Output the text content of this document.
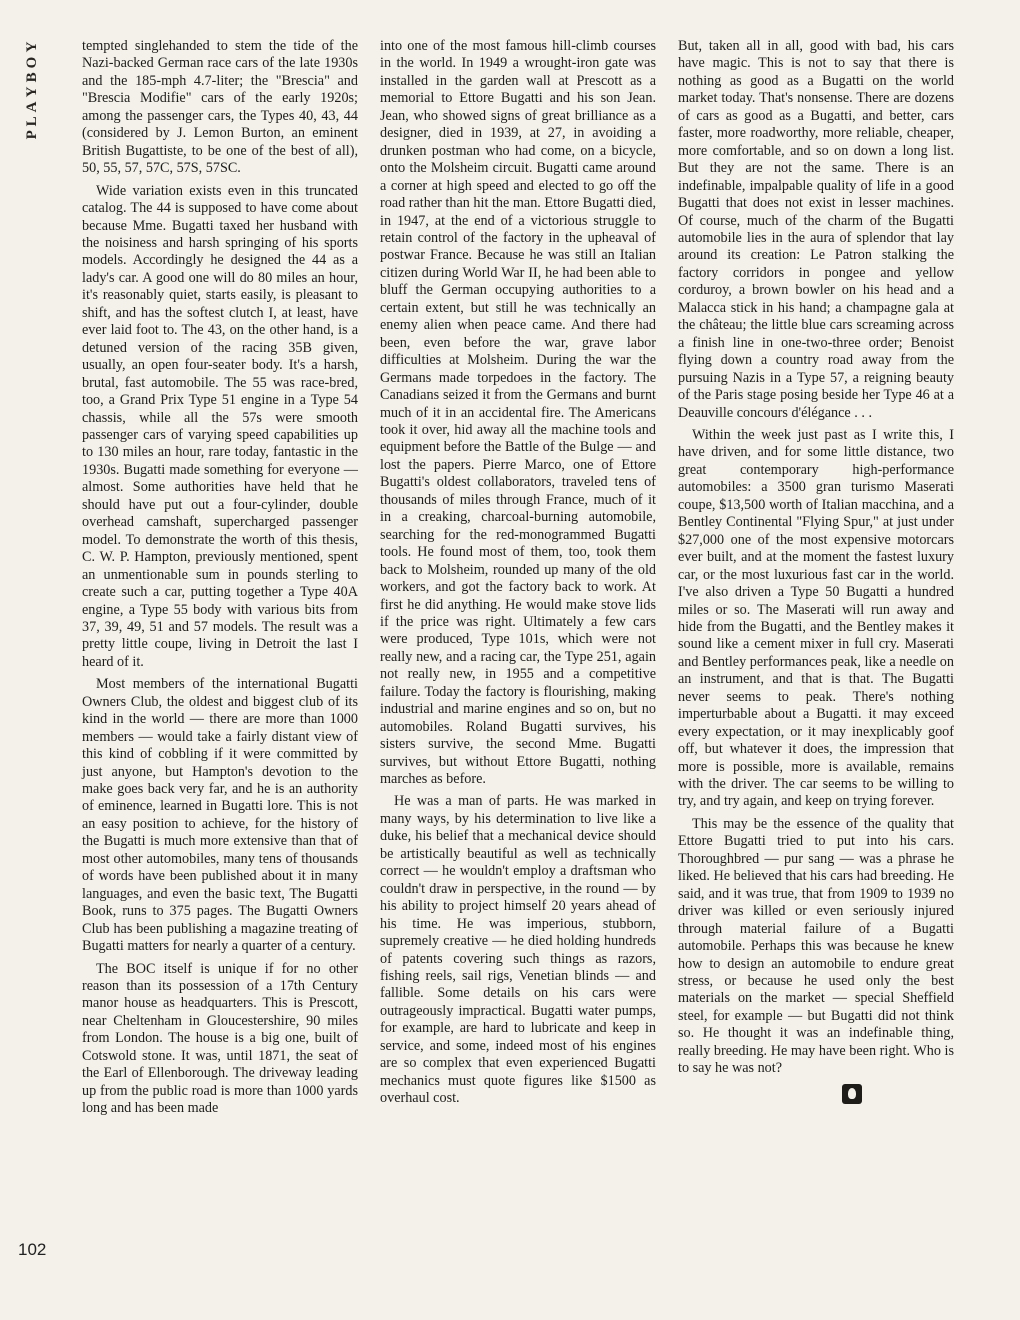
PLAYBOY	tempted singlehanded to stem the tide of the Nazi-backed German race cars of the late 1930s and the 185-mph 4.7-liter; the "Brescia" and "Brescia Modifie" cars of the early 1920s; among the passenger cars, the Types 40, 43, 44 (considered by J. Lemon Burton, an eminent British Bugattiste, to be one of the best of all), 50, 55, 57, 57C, 57S, 57SC.

Wide variation exists even in this truncated catalog. The 44 is supposed to have come about because Mme. Bugatti taxed her husband with the noisiness and harsh springing of his sports models. Accordingly he designed the 44 as a lady's car. A good one will do 80 miles an hour, it's reasonably quiet, starts easily, is pleasant to shift, and has the softest clutch I, at least, have ever laid foot to. The 43, on the other hand, is a detuned version of the racing 35B given, usually, an open four-seater body. It's a harsh, brutal, fast automobile. The 55 was race-bred, too, a Grand Prix Type 51 engine in a Type 54 chassis, while all the 57s were smooth passenger cars of varying speed capabilities up to 130 miles an hour, rare today, fantastic in the 1930s. Bugatti made something for everyone — almost. Some authorities have held that he should have put out a four-cylinder, double overhead camshaft, supercharged passenger model. To demonstrate the worth of this thesis, C. W. P. Hampton, previously mentioned, spent an unmentionable sum in pounds sterling to create such a car, putting together a Type 40A engine, a Type 55 body with various bits from 37, 39, 49, 51 and 57 models. The result was a pretty little coupe, living in Detroit the last I heard of it.

Most members of the international Bugatti Owners Club, the oldest and biggest club of its kind in the world — there are more than 1000 members — would take a fairly distant view of this kind of cobbling if it were committed by just anyone, but Hampton's devotion to the make goes back very far, and he is an authority of eminence, learned in Bugatti lore. This is not an easy position to achieve, for the history of the Bugatti is much more extensive than that of most other automobiles, many tens of thousands of words have been published about it in many languages, and even the basic text, The Bugatti Book, runs to 375 pages. The Bugatti Owners Club has been publishing a magazine treating of Bugatti matters for nearly a quarter of a century.

The BOC itself is unique if for no other reason than its possession of a 17th Century manor house as headquarters. This is Prescott, near Cheltenham in Gloucestershire, 90 miles from London. The house is a big one, built of Cotswold stone. It was, until 1871, the seat of the Earl of Ellenborough. The driveway leading up from the public road is more than 1000 yards long and has been made

into one of the most famous hill-climb courses in the world. In 1949 a wrought-iron gate was installed in the garden wall at Prescott as a memorial to Ettore Bugatti and his son Jean. Jean, who showed signs of great brilliance as a designer, died in 1939, at 27, in avoiding a drunken postman who had come, on a bicycle, onto the Molsheim circuit. Bugatti came around a corner at high speed and elected to go off the road rather than hit the man. Ettore Bugatti died, in 1947, at the end of a victorious struggle to retain control of the factory in the upheaval of postwar France. Because he was still an Italian citizen during World War II, he had been able to bluff the German occupying authorities to a certain extent, but still he was technically an enemy alien when peace came. And there had been, even before the war, grave labor difficulties at Molsheim. During the war the Germans made torpedoes in the factory. The Canadians seized it from the Germans and burnt much of it in an accidental fire. The Americans took it over, hid away all the machine tools and equipment before the Battle of the Bulge — and lost the papers. Pierre Marco, one of Ettore Bugatti's oldest collaborators, traveled tens of thousands of miles through France, much of it in a creaking, charcoal-burning automobile, searching for the red-monogrammed Bugatti tools. He found most of them, too, took them back to Molsheim, rounded up many of the old workers, and got the factory back to work. At first he did anything. He would make stove lids if the price was right. Ultimately a few cars were produced, Type 101s, which were not really new, and a racing car, the Type 251, again not really new, in 1955 and a competitive failure. Today the factory is flourishing, making industrial and marine engines and so on, but no automobiles. Roland Bugatti survives, his sisters survive, the second Mme. Bugatti survives, but without Ettore Bugatti, nothing marches as before.

He was a man of parts. He was marked in many ways, by his determination to live like a duke, his belief that a mechanical device should be artistically beautiful as well as technically correct — he wouldn't employ a draftsman who couldn't draw in perspective, in the round — by his ability to project himself 20 years ahead of his time. He was imperious, stubborn, supremely creative — he died holding hundreds of patents covering such things as razors, fishing reels, sail rigs, Venetian blinds — and fallible. Some details on his cars were outrageously impractical. Bugatti water pumps, for example, are hard to lubricate and keep in service, and some, indeed most of his engines are so complex that even experienced Bugatti mechanics must quote figures like $1500 as overhaul cost.

But, taken all in all, good with bad, his cars have magic. This is not to say that there is nothing as good as a Bugatti on the world market today. That's nonsense. There are dozens of cars as good as a Bugatti, and better, cars faster, more roadworthy, more reliable, cheaper, more comfortable, and so on down a long list. But they are not the same. There is an indefinable, impalpable quality of life in a good Bugatti that does not exist in lesser machines. Of course, much of the charm of the Bugatti automobile lies in the aura of splendor that lay around its creation: Le Patron stalking the factory corridors in pongee and yellow corduroy, a brown bowler on his head and a Malacca stick in his hand; a champagne gala at the château; the little blue cars screaming across a finish line in one-two-three order; Benoist flying down a country road away from the pursuing Nazis in a Type 57, a reigning beauty of the Paris stage posing beside her Type 46 at a Deauville concours d'élégance . . .

Within the week just past as I write this, I have driven, and for some little distance, two great contemporary high-performance automobiles: a 3500 gran turismo Maserati coupe, $13,500 worth of Italian macchina, and a Bentley Continental "Flying Spur," at just under $27,000 one of the most expensive motorcars ever built, and at the moment the fastest luxury car, or the most luxurious fast car in the world. I've also driven a Type 50 Bugatti a hundred miles or so. The Maserati will run away and hide from the Bugatti, and the Bentley makes it sound like a cement mixer in full cry. Maserati and Bentley performances peak, like a needle on an instrument, and that is that. The Bugatti never seems to peak. There's nothing imperturbable about a Bugatti. it may exceed every expectation, or it may inexplicably goof off, but whatever it does, the impression that more is possible, more is available, remains with the driver. The car seems to be willing to try, and try again, and keep on trying forever.

This may be the essence of the quality that Ettore Bugatti tried to put into his cars. Thoroughbred — pur sang — was a phrase he liked. He believed that his cars had breeding. He said, and it was true, that from 1909 to 1939 no driver was killed or even seriously injured through material failure of a Bugatti automobile. Perhaps this was because he knew how to design an automobile to endure great stress, or because he used only the best materials on the market — special Sheffield steel, for example — but Bugatti did not think so. He thought it was an indefinable thing, really breeding. He may have been right. Who is to say he was not?

102
